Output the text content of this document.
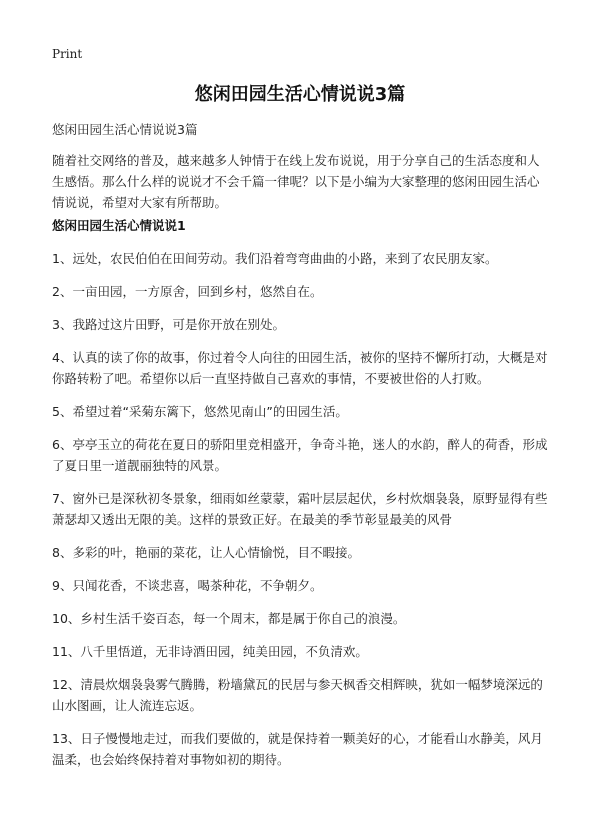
Print
悠闲田园生活心情说说3篇
悠闲田园生活心情说说3篇

随着社交网络的普及，越来越多人钟情于在线上发布说说，用于分享自己的生活态度和人生感悟。那么什么样的说说才不会千篇一律呢？以下是小编为大家整理的悠闲田园生活心情说说，希望对大家有所帮助。

悠闲田园生活心情说说1
1、远处，农民伯伯在田间劳动。我们沿着弯弯曲曲的小路，来到了农民朋友家。
2、一亩田园，一方原舍，回到乡村，悠然自在。
3、我路过这片田野，可是你开放在别处。
4、认真的读了你的故事，你过着令人向往的田园生活，被你的坚持不懈所打动，大概是对你路转粉了吧。希望你以后一直坚持做自己喜欢的事情，不要被世俗的人打败。
5、希望过着“采菊东篱下，悠然见南山”的田园生活。
6、亭亭玉立的荷花在夏日的骄阳里竞相盛开，争奇斗艳，迷人的水韵，醉人的荷香，形成了夏日里一道靓丽独特的风景。
7、窗外已是深秋初冬景象，细雨如丝蒙蒙，霜叶层层起伏，乡村炊烟袅袅，原野显得有些萧瑟却又透出无限的美。这样的景致正好。在最美的季节彰显最美的风骨
8、多彩的叶，艳丽的菜花，让人心情愉悦，目不暇接。
9、只闻花香，不谈悲喜，喝茶种花，不争朝夕。
10、乡村生活千姿百态，每一个周末，都是属于你自己的浪漫。
11、八千里悟道，无非诗酒田园，纯美田园，不负清欢。
12、清晨炊烟袅袅雾气腾腾，粉墙黛瓦的民居与参天枫香交相辉映，犹如一幅梦境深远的山水图画，让人流连忘返。
13、日子慢慢地走过，而我们要做的，就是保持着一颗美好的心，才能看山水静美，风月温柔，也会始终保持着对事物如初的期待。
